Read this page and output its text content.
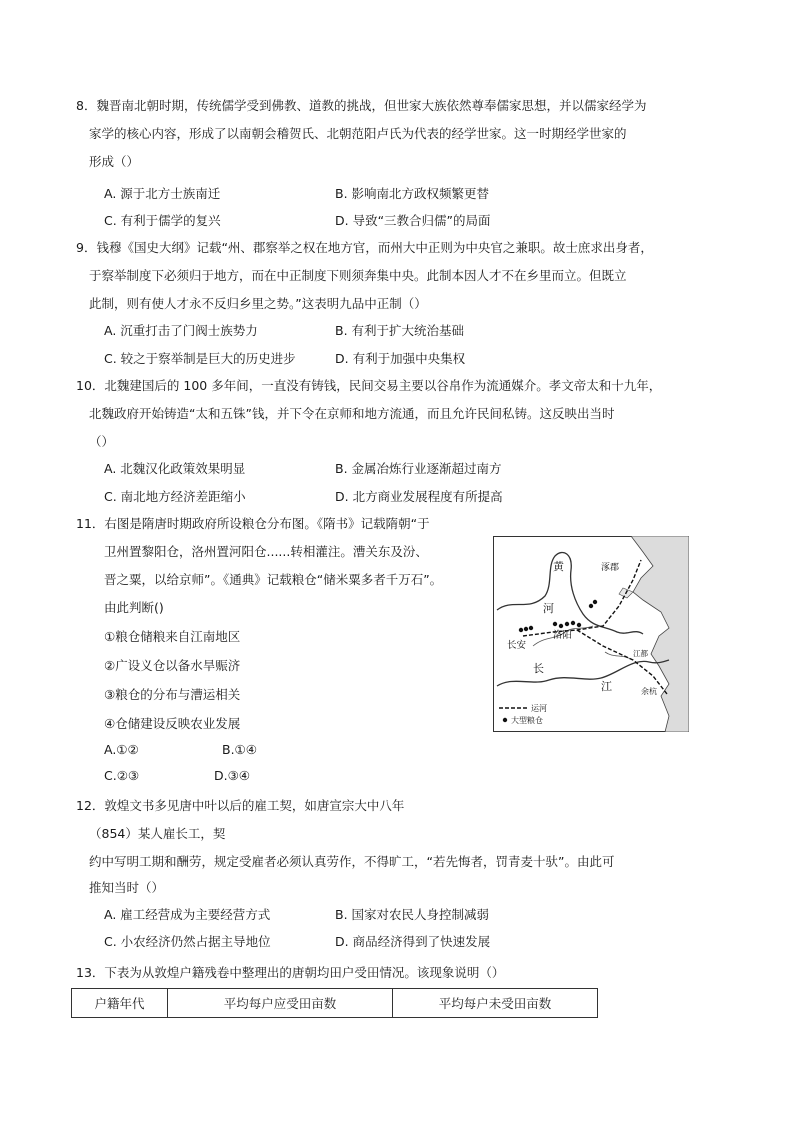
8．魏晋南北朝时期，传统儒学受到佛教、道教的挑战，但世家大族依然尊奉儒家思想，并以儒家经学为
家学的核心内容，形成了以南朝会稽贺氏、北朝范阳卢氏为代表的经学世家。这一时期经学世家的
形成（）
A. 源于北方士族南迁	B. 影响南北方政权频繁更替
C. 有利于儒学的复兴	D. 导致“三教合归儒”的局面
9．钱穆《国史大纲》记载“州、郡察举之权在地方官，而州大中正则为中央官之兼职。故士庶求出身者，
于察举制度下必须归于地方，而在中正制度下则须奔集中央。此制本因人才不在乡里而立。但既立
此制，则有使人才永不反归乡里之势。”这表明九品中正制（）
A. 沉重打击了门阀士族势力	B. 有利于扩大统治基础
C. 较之于察举制是巨大的历史进步	D. 有利于加强中央集权
10．北魏建国后的 100 多年间，一直没有铸钱，民间交易主要以谷帛作为流通媒介。孝文帝太和十九年，
北魏政府开始铸造“太和五铢”钱，并下令在京师和地方流通，而且允许民间私铸。这反映出当时
（）
A. 北魏汉化政策效果明显	B. 金属冶炼行业逐渐超过南方
C. 南北地方经济差距缩小	D. 北方商业发展程度有所提高
11．右图是隋唐时期政府所设粮仓分布图。《隋书》记载隋朝“于
卫州置黎阳仓，洛州置河阳仓......转相灌注。漕关东及汾、
晋之粟，以给京师”。《通典》记载粮仓“储米粟多者千万石”。
由此判断()
①粮仓储粮来自江南地区
②广设义仓以备水旱赈济
③粮仓的分布与漕运相关
④仓储建设反映农业发展
A.①②	B.①④
C.②③	D.③④
涿郡
黄
河
长安
洛阳
长
江
江都
余杭
运河
大型粮仓
12．敦煌文书多见唐中叶以后的雇工契，如唐宣宗大中八年
（854）某人雇长工，契
约中写明工期和酬劳，规定受雇者必须认真劳作，不得旷工，“若先悔者，罚青麦十驮”。由此可
推知当时（）
A. 雇工经营成为主要经营方式	B. 国家对农民人身控制减弱
C. 小农经济仍然占据主导地位	D. 商品经济得到了快速发展
13．下表为从敦煌户籍残卷中整理出的唐朝均田户受田情况。该现象说明（）
户籍年代	平均每户应受田亩数	平均每户未受田亩数
